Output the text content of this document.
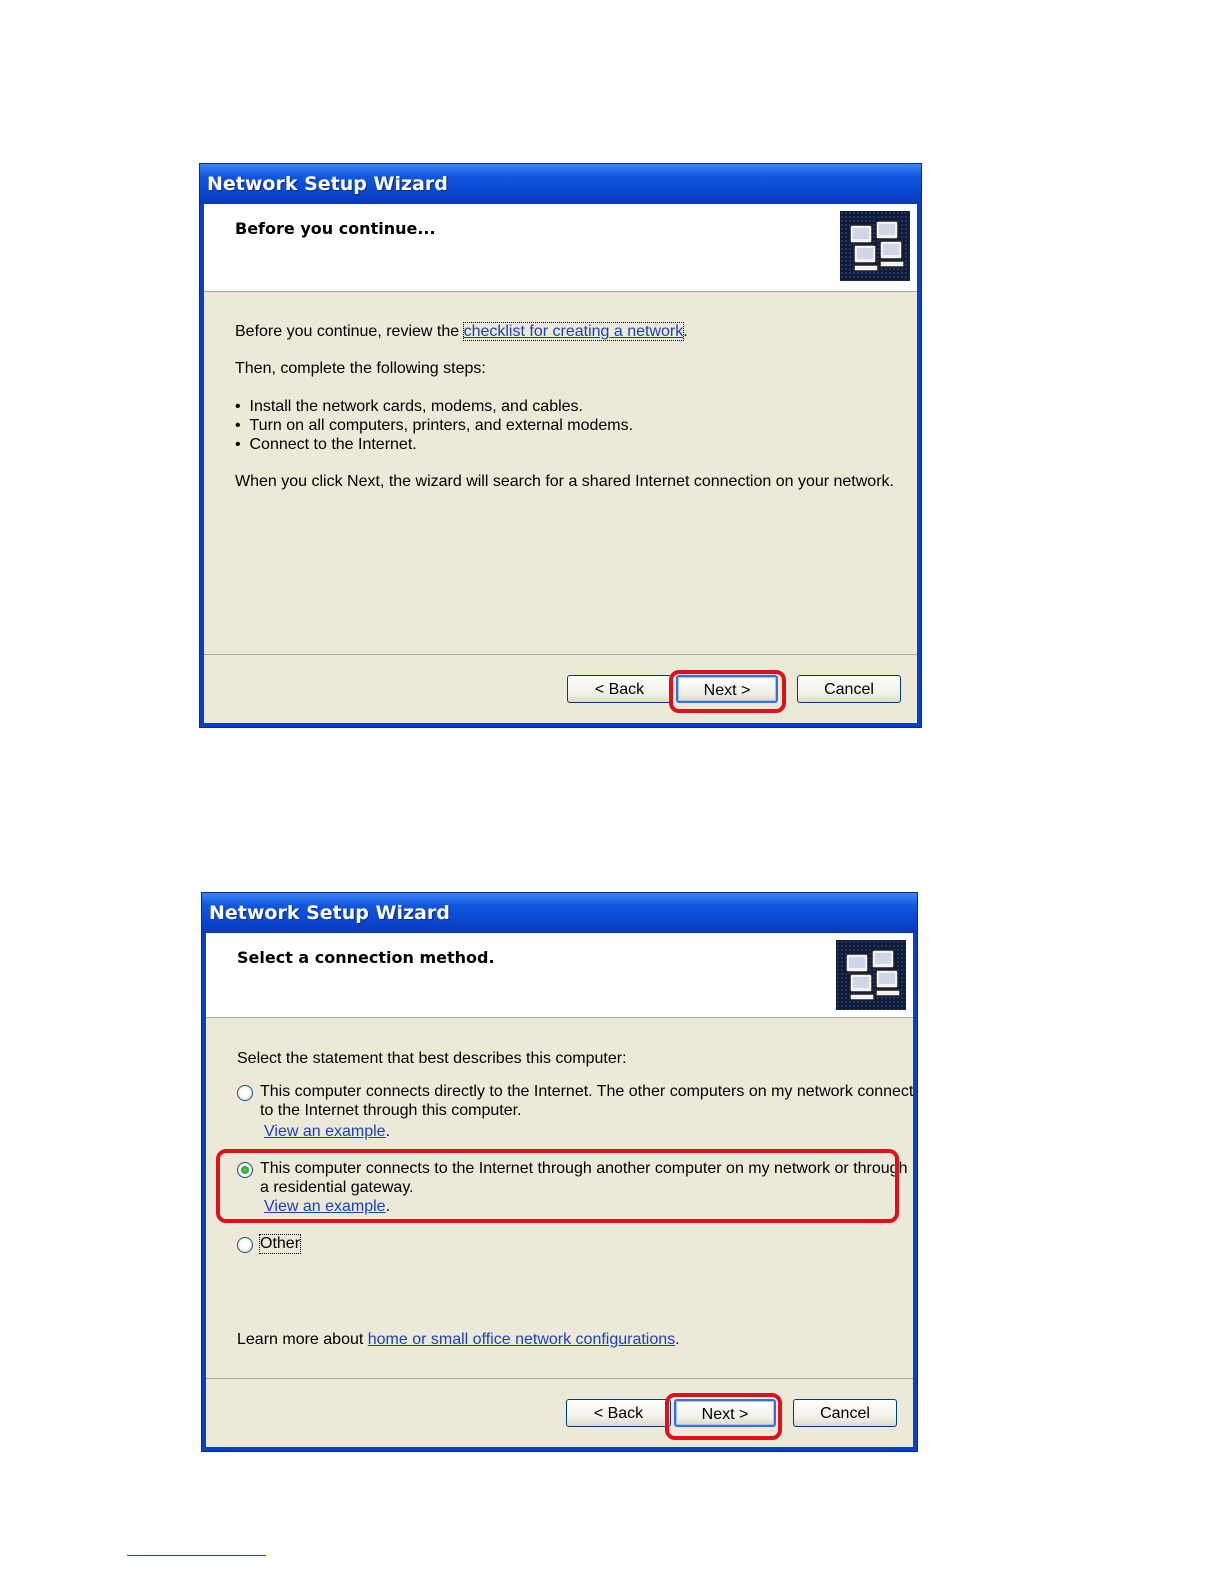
Network Setup Wizard
Before you continue...

Before you continue, review the checklist for creating a network.

Then, complete the following steps:

•  Install the network cards, modems, and cables.

•  Turn on all computers, printers, and external modems.

•  Connect to the Internet.

When you click Next, the wizard will search for a shared Internet connection on your network.

< Back	Next >	Cancel
Network Setup Wizard
Select a connection method.

Select the statement that best describes this computer:

This computer connects directly to the Internet. The other computers on my network connect

to the Internet through this computer.

View an example.

This computer connects to the Internet through another computer on my network or through

a residential gateway.

View an example.

Other

Learn more about home or small office network configurations.

< Back	Next >	Cancel
